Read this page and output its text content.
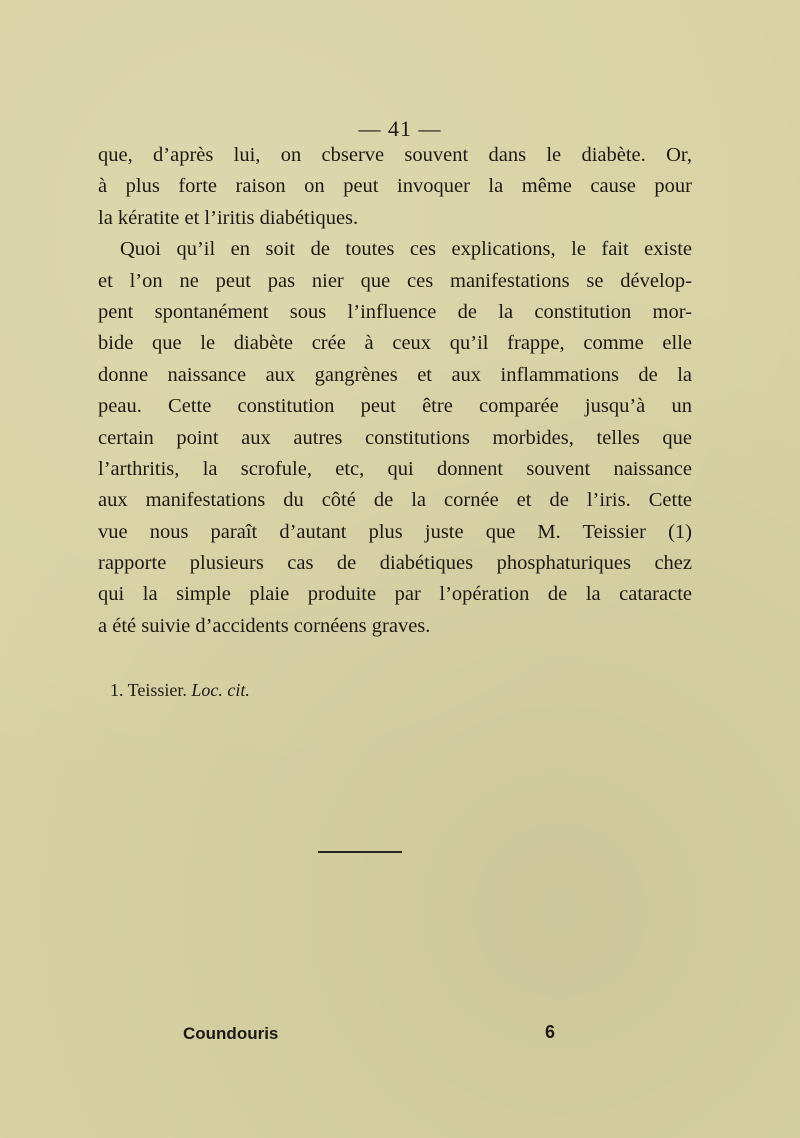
— 41 —
que, d’après lui, on cbserve souvent dans le diabète. Or,
à plus forte raison on peut invoquer la même cause pour
la kératite et l’iritis diabétiques.
Quoi qu’il en soit de toutes ces explications, le fait existe
et l’on ne peut pas nier que ces manifestations se dévelop-
pent spontanément sous l’influence de la constitution mor-
bide que le diabète crée à ceux qu’il frappe, comme elle
donne naissance aux gangrènes et aux inflammations de la
peau. Cette constitution peut être comparée jusqu’à un
certain point aux autres constitutions morbides, telles que
l’arthritis, la scrofule, etc, qui donnent souvent naissance
aux manifestations du côté de la cornée et de l’iris. Cette
vue nous paraît d’autant plus juste que M. Teissier (1)
rapporte plusieurs cas de diabétiques phosphaturiques chez
qui la simple plaie produite par l’opération de la cataracte
a été suivie d’accidents cornéens graves.
1. Teissier. Loc. cit.
Coundouris	6
